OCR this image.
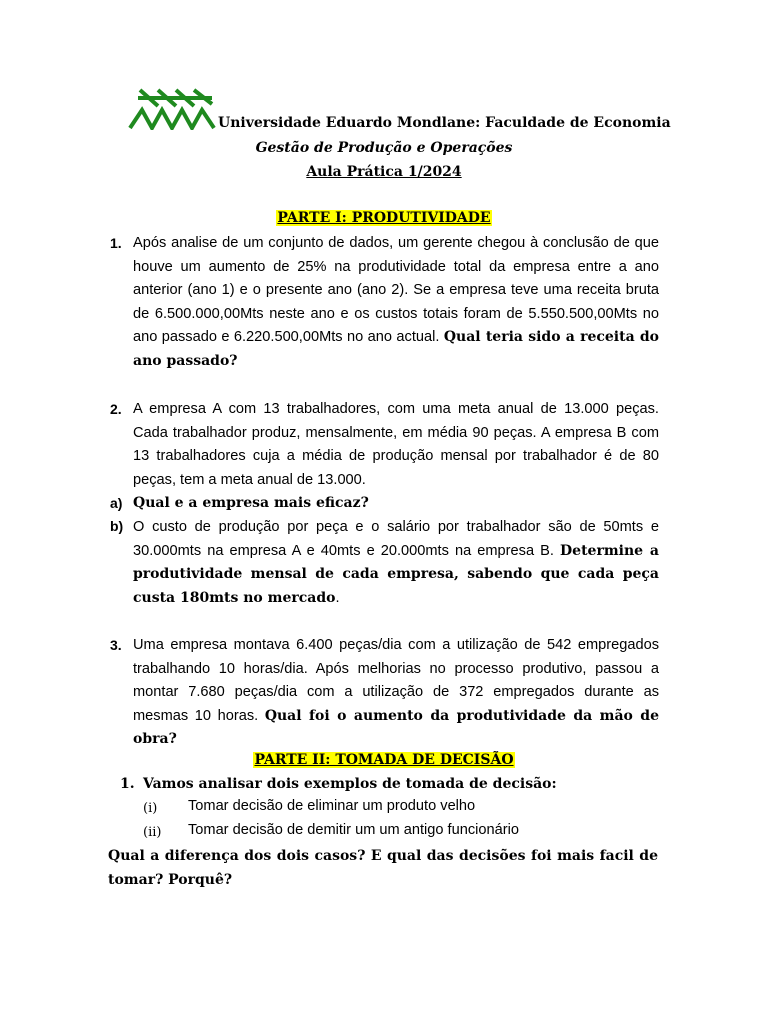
Universidade Eduardo Mondlane: Faculdade de Economia
Gestão de Produção e Operações
Aula Prática 1/2024
PARTE I: PRODUTIVIDADE
1. Após analise de um conjunto de dados, um gerente chegou à conclusão de que houve um aumento de 25% na produtividade total da empresa entre a ano anterior (ano 1) e o presente ano (ano 2). Se a empresa teve uma receita bruta de 6.500.000,00Mts neste ano e os custos totais foram de 5.550.500,00Mts no ano passado e 6.220.500,00Mts no ano actual. Qual teria sido a receita do ano passado?
2. A empresa A com 13 trabalhadores, com uma meta anual de 13.000 peças. Cada trabalhador produz, mensalmente, em média 90 peças. A empresa B com 13 trabalhadores cuja a média de produção mensal por trabalhador é de 80 peças, tem a meta anual de 13.000.
a) Qual e a empresa mais eficaz?
b) O custo de produção por peça e o salário por trabalhador são de 50mts e 30.000mts na empresa A e 40mts e 20.000mts na empresa B. Determine a produtividade mensal de cada empresa, sabendo que cada peça custa 180mts no mercado.
3. Uma empresa montava 6.400 peças/dia com a utilização de 542 empregados trabalhando 10 horas/dia. Após melhorias no processo produtivo, passou a montar 7.680 peças/dia com a utilização de 372 empregados durante as mesmas 10 horas. Qual foi o aumento da produtividade da mão de obra?
PARTE II: TOMADA DE DECISÃO
1. Vamos analisar dois exemplos de tomada de decisão:
(i) Tomar decisão de eliminar um produto velho
(ii) Tomar decisão de demitir um um antigo funcionário
Qual a diferença dos dois casos? E qual das decisões foi mais facil de tomar? Porquê?
